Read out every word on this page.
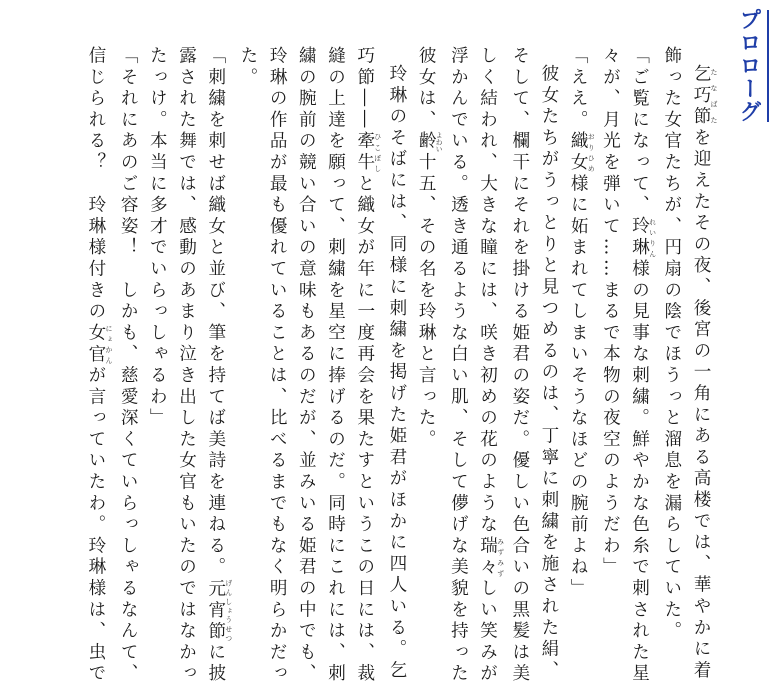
プロローグ
乞巧節 たなばたを迎えたその夜、後宮の一角にある高楼では、華やかに着
飾った女官たちが、円扇の陰でほうっと溜息を漏らしていた。
「ご覧になって、玲琳 れいりん様の見事な刺繍。鮮やかな色糸で刺された星
々が、月光を弾いて……まるで本物の夜空のようだわ」
「ええ。織女 おりひめ様に妬まれてしまいそうなほどの腕前よね」
彼女たちがうっとりと見つめるのは、丁寧に刺繍を施された絹、
そして、欄干にそれを掛ける姫君の姿だ。優しい色合いの黒髪は美
しく結われ、大きな瞳には、咲き初めの花のような瑞々 みずみずしい笑みが
浮かんでいる。透き通るような白い肌、そして儚げな美貌を持った
彼女は、齢 よわい十五、その名を玲琳と言った。
玲琳のそばには、同様に刺繍を掲げた姫君がほかに四人いる。乞
巧節――牽牛 ひこぼしと織女が年に一度再会を果たすというこの日には、裁
縫の上達を願って、刺繍を星空に捧げるのだ。同時にこれには、刺
繍の腕前の競い合いの意味もあるのだが、並みいる姫君の中でも、
玲琳の作品が最も優れていることは、比べるまでもなく明らかだっ
た。
「刺繍を刺せば織女と並び、筆を持てば美詩を連ねる。元宵節 げんしょうせつに披
露された舞では、感動のあまり泣き出した女官もいたのではなかっ
たっけ。本当に多才でいらっしゃるわ」
「それにあのご容姿！　しかも、慈愛深くていらっしゃるなんて、
信じられる？　玲琳様付きの女官 にょかんが言っていたわ。玲琳様は、虫で
